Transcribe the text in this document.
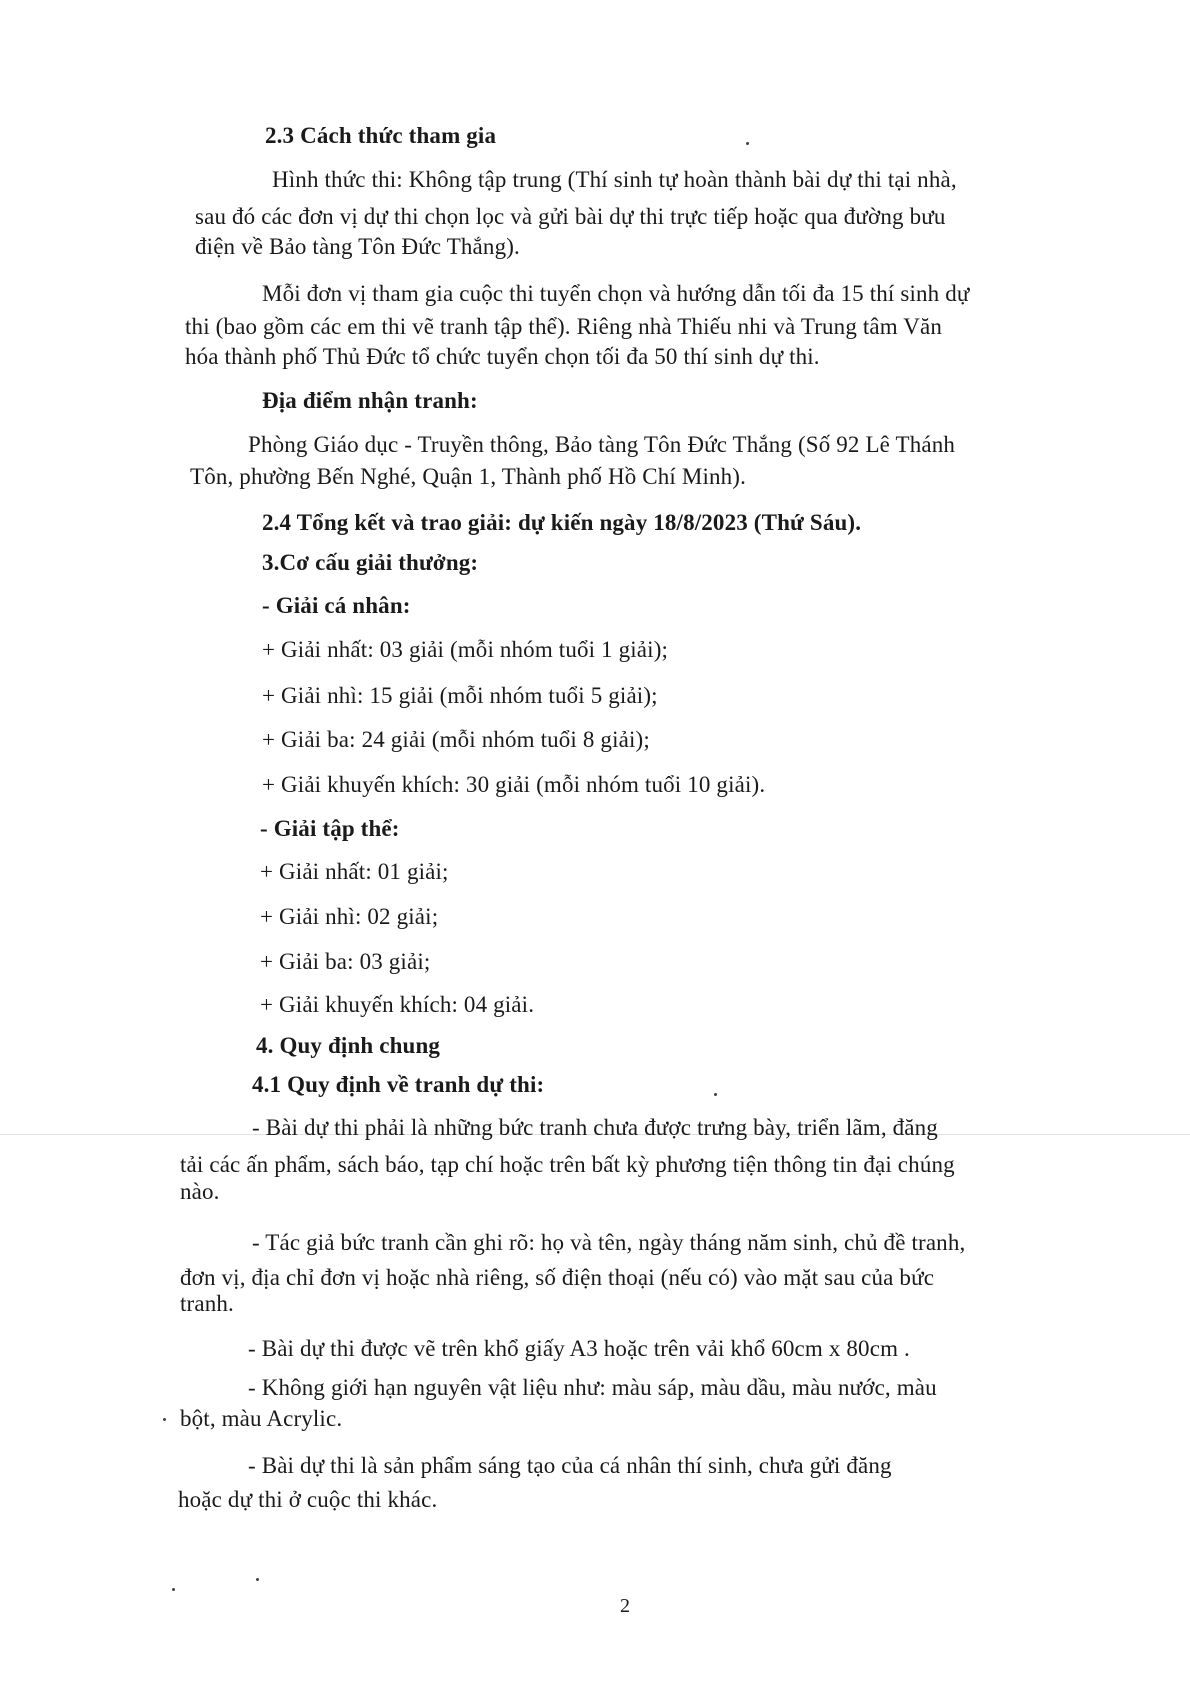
2.3 Cách thức tham gia
Hình thức thi: Không tập trung (Thí sinh tự hoàn thành bài dự thi tại nhà,
sau đó các đơn vị dự thi chọn lọc và gửi bài dự thi trực tiếp hoặc qua đường bưu
điện về Bảo tàng Tôn Đức Thắng).
Mỗi đơn vị tham gia cuộc thi tuyển chọn và hướng dẫn tối đa 15 thí sinh dự
thi (bao gồm các em thi vẽ tranh tập thể). Riêng nhà Thiếu nhi và Trung tâm Văn
hóa thành phố Thủ Đức tổ chức tuyển chọn tối đa 50 thí sinh dự thi.
Địa điểm nhận tranh:
Phòng Giáo dục - Truyền thông, Bảo tàng Tôn Đức Thắng (Số 92 Lê Thánh
Tôn, phường Bến Nghé, Quận 1, Thành phố Hồ Chí Minh).
2.4 Tổng kết và trao giải: dự kiến ngày 18/8/2023 (Thứ Sáu).
3.Cơ cấu giải thưởng:
- Giải cá nhân:
+ Giải nhất: 03 giải (mỗi nhóm tuổi 1 giải);
+ Giải nhì: 15 giải (mỗi nhóm tuổi 5 giải);
+ Giải ba: 24 giải (mỗi nhóm tuổi 8 giải);
+ Giải khuyến khích: 30 giải (mỗi nhóm tuổi 10 giải).
- Giải tập thể:
+ Giải nhất: 01 giải;
+ Giải nhì: 02 giải;
+ Giải ba: 03 giải;
+ Giải khuyến khích: 04 giải.
4. Quy định chung
4.1 Quy định về tranh dự thi:
- Bài dự thi phải là những bức tranh chưa được trưng bày, triển lãm, đăng
tải các ấn phẩm, sách báo, tạp chí hoặc trên bất kỳ phương tiện thông tin đại chúng
nào.
- Tác giả bức tranh cần ghi rõ: họ và tên, ngày tháng năm sinh, chủ đề tranh,
đơn vị, địa chỉ đơn vị hoặc nhà riêng, số điện thoại (nếu có) vào mặt sau của bức
tranh.
- Bài dự thi được vẽ trên khổ giấy A3 hoặc trên vải khổ 60cm x 80cm .
- Không giới hạn nguyên vật liệu như: màu sáp, màu dầu, màu nước, màu
bột, màu Acrylic.
- Bài dự thi là sản phẩm sáng tạo của cá nhân thí sinh, chưa gửi đăng
hoặc dự thi ở cuộc thi khác.
2
